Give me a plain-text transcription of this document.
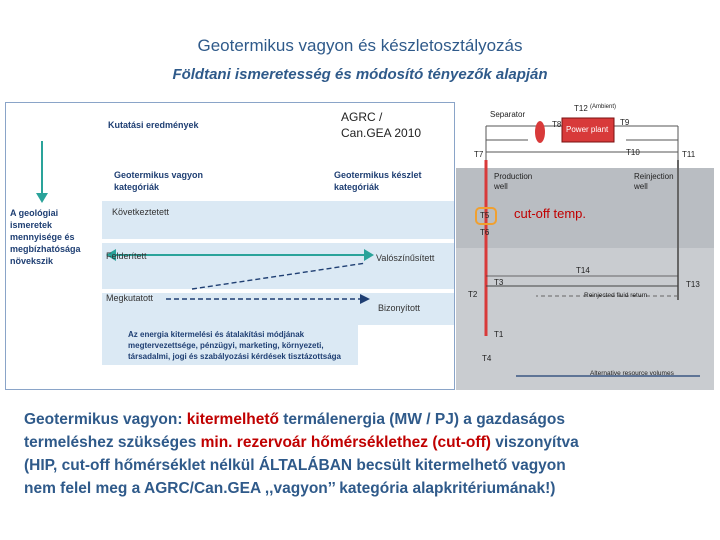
Geotermikus vagyon és készletosztályozás
Földtani ismeretesség és módosító tényezők alapján
Kutatási eredmények
AGRC /
Can.GEA 2010
Geotermikus vagyon
kategóriák
Geotermikus készlet
kategóriák
A geológiai
ismeretek
mennyisége és
megbízhatósága
növekszik
Következtetett
Felderített	Valószínűsített
Megkutatott
Bizonyított
Az energia kitermelési és átalakítási módjának
megtervezettsége, pénzügyi, marketing, környezeti,
társadalmi, jogi és szabályozási kérdések tisztázottsága
Separator
T12 (Ambient)
T8
Power plant
T9
T10
T7	T11
Production
well
Reinjection
well
T5
T6
cut-off temp.
T14
T3	T13
T2	Reinjected fluid return
T1
T4
Alternative resource volumes
Geotermikus vagyon: kitermelhető termálenergia (MW / PJ) a gazdaságos
termeléshez szükséges min. rezervoár hőmérséklethez (cut-off) viszonyítva
(HIP, cut-off hőmérséklet nélkül ÁLTALÁBAN becsült kitermelhető vagyon
nem felel meg a AGRC/Can.GEA ,,vagyon’’ kategória alapkritériumának!)
